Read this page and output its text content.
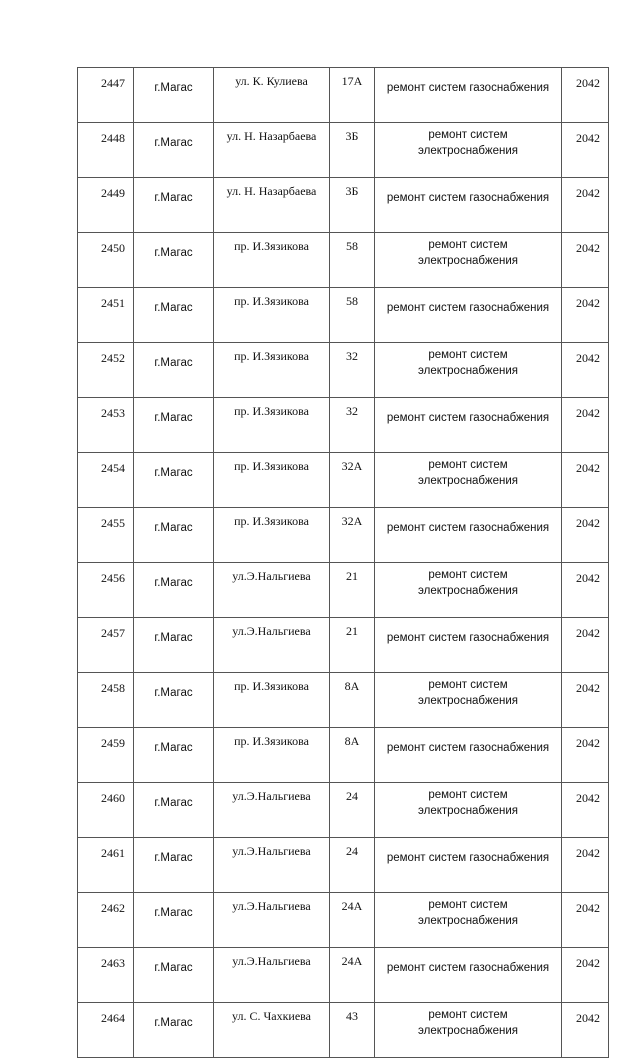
2447	г.Магас	ул. К. Кулиева	17А	ремонт систем газоснабжения	2042
2448	г.Магас	ул. Н. Назарбаева	3Б	ремонт систем электроснабжения	2042
2449	г.Магас	ул. Н. Назарбаева	3Б	ремонт систем газоснабжения	2042
2450	г.Магас	пр. И.Зязикова	58	ремонт систем электроснабжения	2042
2451	г.Магас	пр. И.Зязикова	58	ремонт систем газоснабжения	2042
2452	г.Магас	пр. И.Зязикова	32	ремонт систем электроснабжения	2042
2453	г.Магас	пр. И.Зязикова	32	ремонт систем газоснабжения	2042
2454	г.Магас	пр. И.Зязикова	32А	ремонт систем электроснабжения	2042
2455	г.Магас	пр. И.Зязикова	32А	ремонт систем газоснабжения	2042
2456	г.Магас	ул.Э.Нальгиева	21	ремонт систем электроснабжения	2042
2457	г.Магас	ул.Э.Нальгиева	21	ремонт систем газоснабжения	2042
2458	г.Магас	пр. И.Зязикова	8А	ремонт систем электроснабжения	2042
2459	г.Магас	пр. И.Зязикова	8А	ремонт систем газоснабжения	2042
2460	г.Магас	ул.Э.Нальгиева	24	ремонт систем электроснабжения	2042
2461	г.Магас	ул.Э.Нальгиева	24	ремонт систем газоснабжения	2042
2462	г.Магас	ул.Э.Нальгиева	24А	ремонт систем электроснабжения	2042
2463	г.Магас	ул.Э.Нальгиева	24А	ремонт систем газоснабжения	2042
2464	г.Магас	ул. С. Чахкиева	43	ремонт систем электроснабжения	2042
